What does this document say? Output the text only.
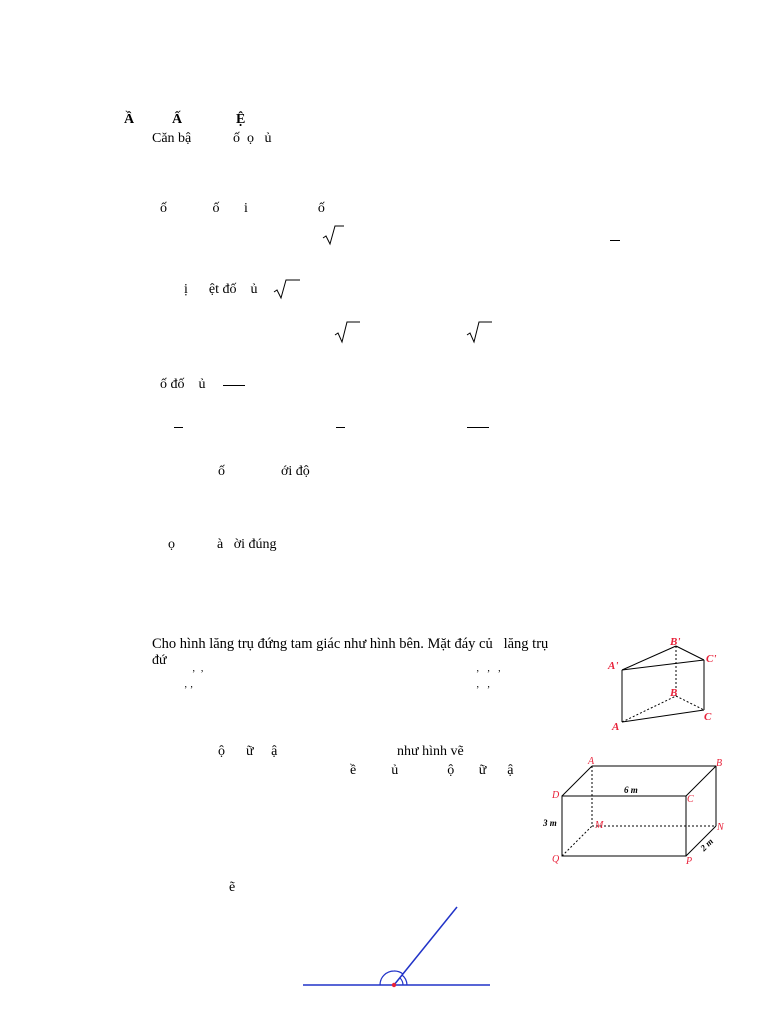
Ầ	Ấ	Ệ
Căn bậ	ố  ọ   ủ
ố             ố       i                    ố
ị      ệt đố    ủ
ố đố    ủ
ố                ới độ
ọ            à   ời đúng
Cho hình lăng trụ đứng tam giác như hình bên. Mặt đáy củ   lăng trụ
đứ
ʼ  ʼ
ʼ ʼ
ʼ   ʼ   ʼ
ʼ   ʼ
B'
C'
A'
B
C
A
ộ      ữ     ậ	như hình vẽ
ề          ủ              ộ       ữ      ậ
A	B
D	C
M	N
Q	P
6 m
3 m
2 m
ẽ
